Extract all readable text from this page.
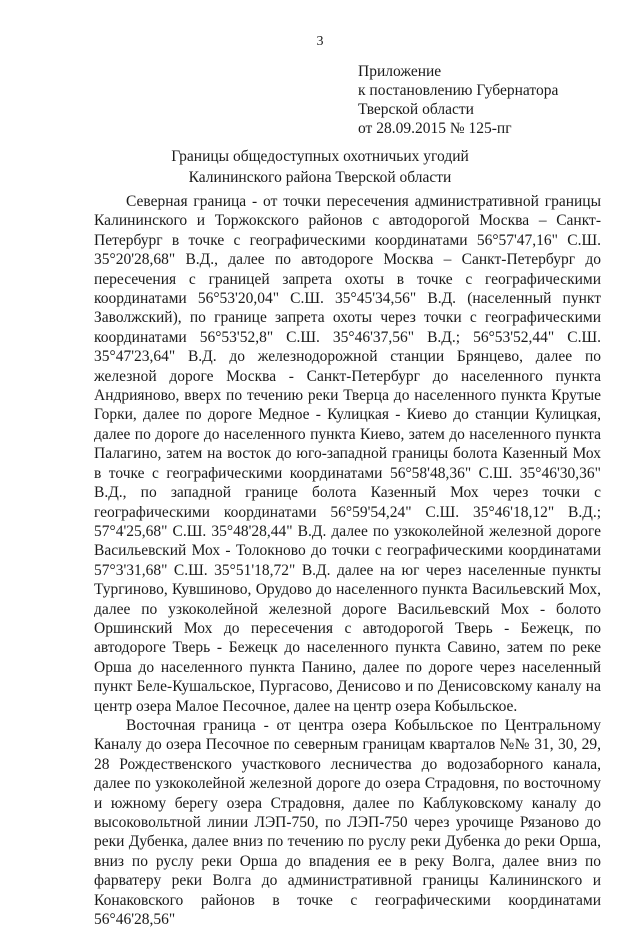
3
Приложение
к постановлению Губернатора
Тверской области
от 28.09.2015 № 125-пг
Границы общедоступных охотничьих угодий
Калининского района Тверской области

Северная граница - от точки пересечения административной границы Калининского и Торжокского районов с автодорогой Москва – Санкт-Петербург в точке с географическими координатами 56°57'47,16" С.Ш. 35°20'28,68" В.Д., далее по автодороге Москва – Санкт-Петербург до пересечения с границей запрета охоты в точке с географическими координатами 56°53'20,04" С.Ш. 35°45'34,56" В.Д. (населенный пункт Заволжский), по границе запрета охоты через точки с географическими координатами 56°53'52,8" С.Ш. 35°46'37,56" В.Д.; 56°53'52,44" С.Ш. 35°47'23,64" В.Д. до железнодорожной станции Брянцево, далее по железной дороге Москва - Санкт-Петербург до населенного пункта Андрияново, вверх по течению реки Тверца до населенного пункта Крутые Горки, далее по дороге Медное - Кулицкая - Киево до станции Кулицкая, далее по дороге до населенного пункта Киево, затем до населенного пункта Палагино, затем на восток до юго-западной границы болота Казенный Мох в точке с географическими координатами 56°58'48,36" С.Ш. 35°46'30,36" В.Д., по западной границе болота Казенный Мох через точки с географическими координатами 56°59'54,24" С.Ш. 35°46'18,12" В.Д.; 57°4'25,68" С.Ш. 35°48'28,44" В.Д. далее по узкоколейной железной дороге Васильевский Мох - Толокново до точки с географическими координатами 57°3'31,68" С.Ш. 35°51'18,72" В.Д. далее на юг через населенные пункты Тургиново, Кувшиново, Орудово до населенного пункта Васильевский Мох, далее по узкоколейной железной дороге Васильевский Мох - болото Оршинский Мох до пересечения с автодорогой Тверь - Бежецк, по автодороге Тверь - Бежецк до населенного пункта Савино, затем по реке Орша до населенного пункта Панино, далее по дороге через населенный пункт Беле-Кушальское, Пургасово, Денисово и по Денисовскому каналу на центр озера Малое Песочное, далее на центр озера Кобыльское.

Восточная граница - от центра озера Кобыльское по Центральному Каналу до озера Песочное по северным границам кварталов №№ 31, 30, 29, 28 Рождественского участкового лесничества до водозаборного канала, далее по узкоколейной железной дороге до озера Страдовня, по восточному и южному берегу озера Страдовня, далее по Каблуковскому каналу до высоковольтной линии ЛЭП-750, по ЛЭП-750 через урочище Рязаново до реки Дубенка, далее вниз по течению по руслу реки Дубенка до реки Орша, вниз по руслу реки Орша до впадения ее в реку Волга, далее вниз по фарватеру реки Волга до административной границы Калининского и Конаковского районов в точке с географическими координатами 56°46'28,56"
